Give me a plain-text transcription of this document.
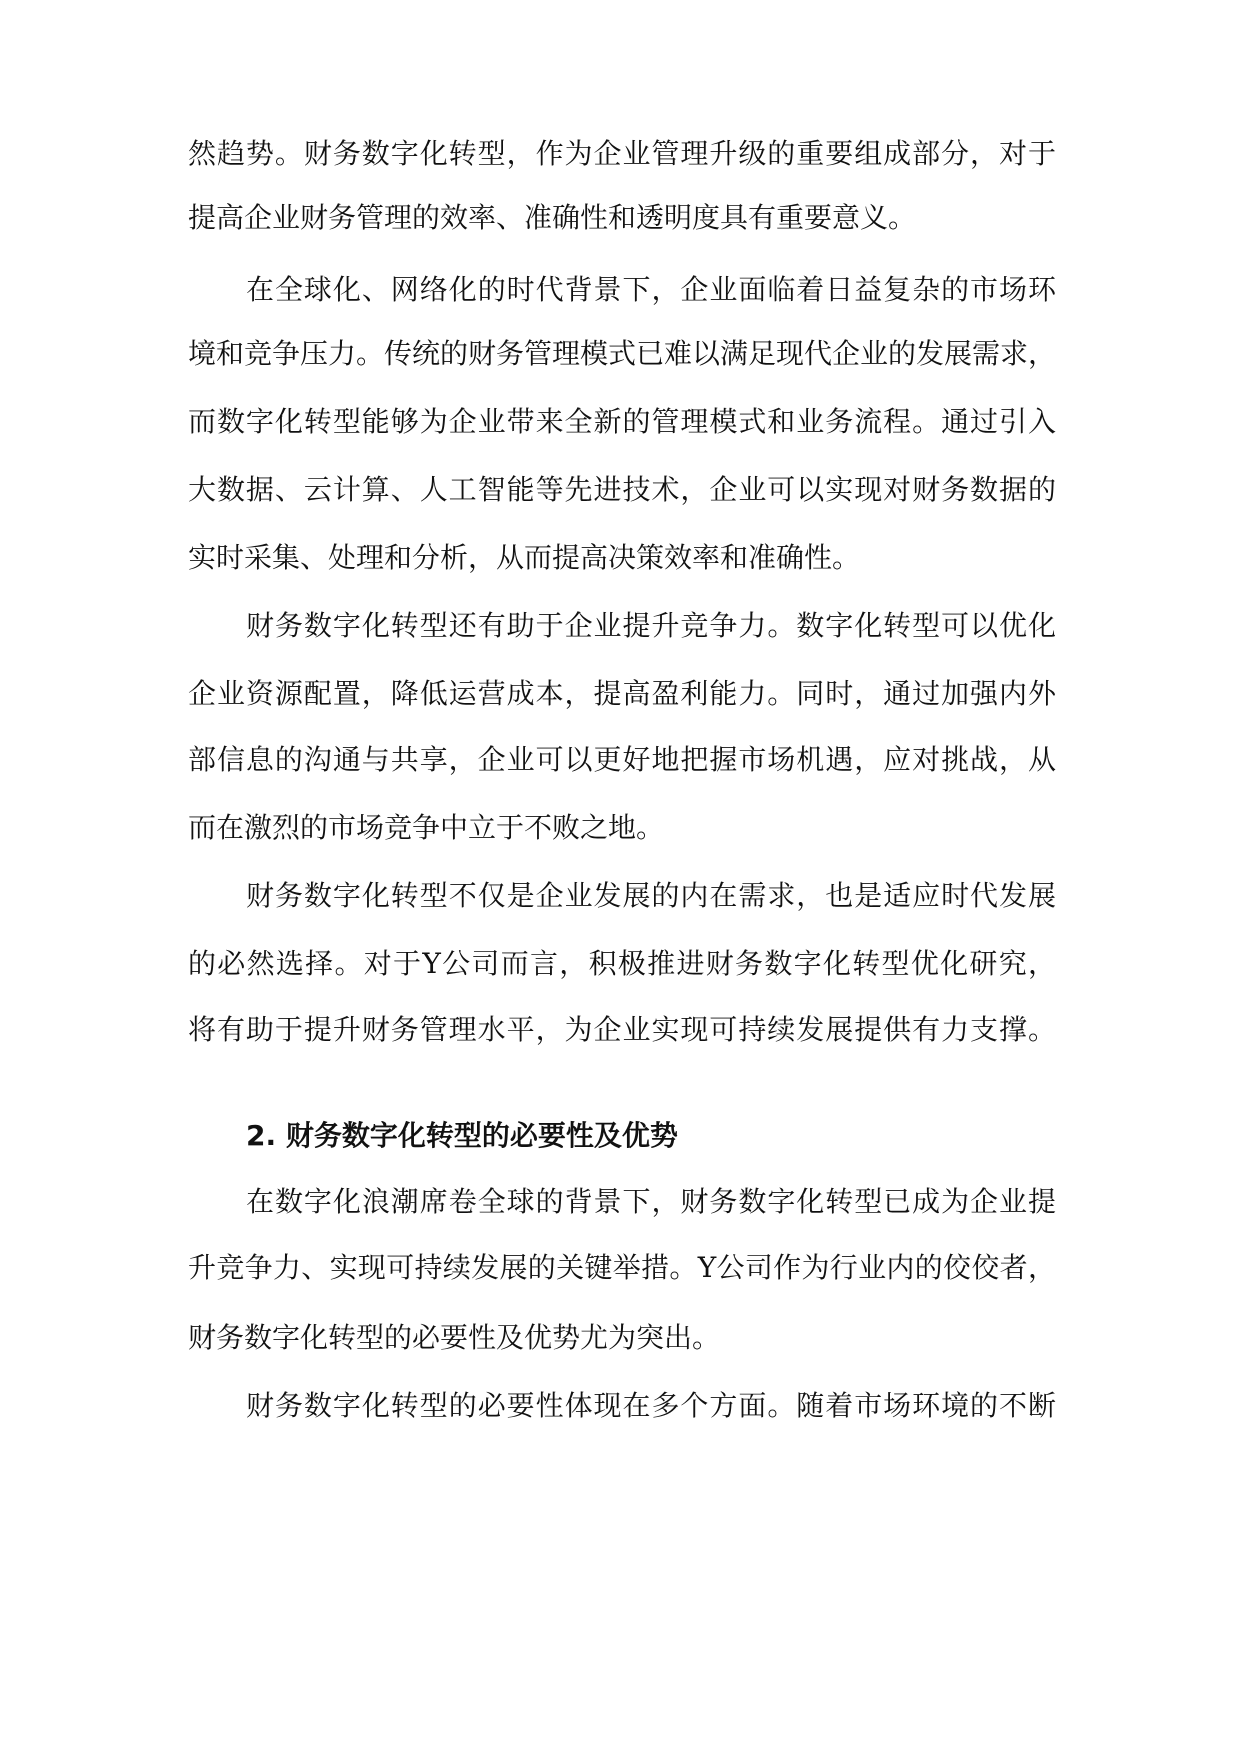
然趋势。财务数字化转型，作为企业管理升级的重要组成部分，对于
提高企业财务管理的效率、准确性和透明度具有重要意义。
在全球化、网络化的时代背景下，企业面临着日益复杂的市场环
境和竞争压力。传统的财务管理模式已难以满足现代企业的发展需求，
而数字化转型能够为企业带来全新的管理模式和业务流程。通过引入
大数据、云计算、人工智能等先进技术，企业可以实现对财务数据的
实时采集、处理和分析，从而提高决策效率和准确性。
财务数字化转型还有助于企业提升竞争力。数字化转型可以优化
企业资源配置，降低运营成本，提高盈利能力。同时，通过加强内外
部信息的沟通与共享，企业可以更好地把握市场机遇，应对挑战，从
而在激烈的市场竞争中立于不败之地。
财务数字化转型不仅是企业发展的内在需求，也是适应时代发展
的必然选择。对于Y公司而言，积极推进财务数字化转型优化研究，
将有助于提升财务管理水平，为企业实现可持续发展提供有力支撑。
2. 财务数字化转型的必要性及优势
在数字化浪潮席卷全球的背景下，财务数字化转型已成为企业提
升竞争力、实现可持续发展的关键举措。Y公司作为行业内的佼佼者，
财务数字化转型的必要性及优势尤为突出。
财务数字化转型的必要性体现在多个方面。随着市场环境的不断
